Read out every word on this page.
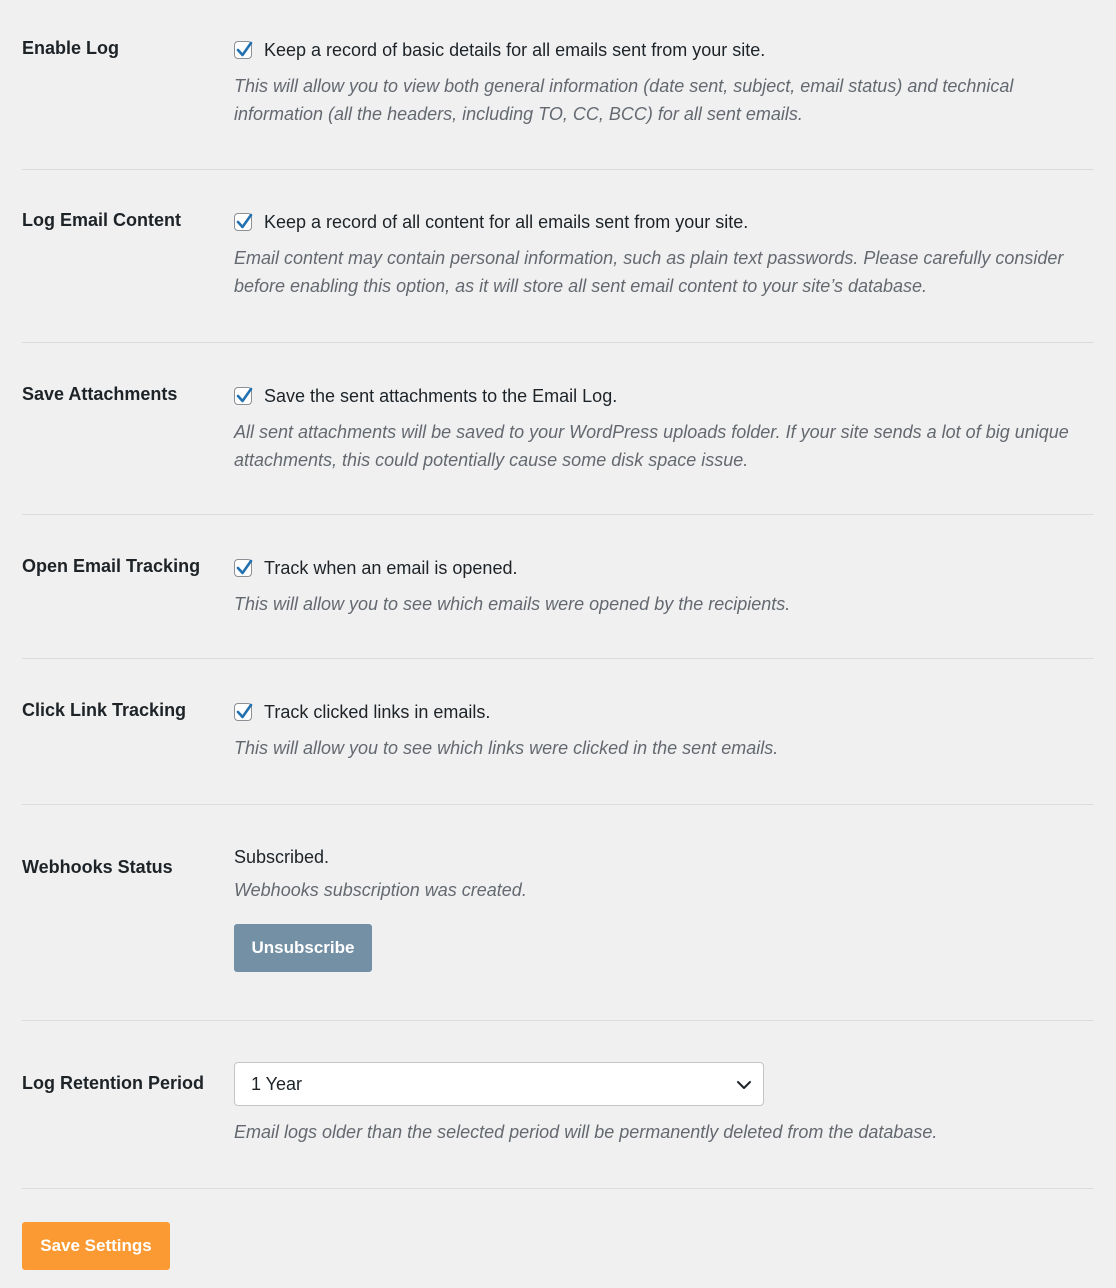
Enable Log	Keep a record of basic details for all emails sent from your site.
This will allow you to view both general information (date sent, subject, email status) and technical information (all the headers, including TO, CC, BCC) for all sent emails.
Log Email Content	Keep a record of all content for all emails sent from your site.
Email content may contain personal information, such as plain text passwords. Please carefully consider before enabling this option, as it will store all sent email content to your site’s database.
Save Attachments	Save the sent attachments to the Email Log.
All sent attachments will be saved to your WordPress uploads folder. If your site sends a lot of big unique attachments, this could potentially cause some disk space issue.
Open Email Tracking	Track when an email is opened.
This will allow you to see which emails were opened by the recipients.
Click Link Tracking	Track clicked links in emails.
This will allow you to see which links were clicked in the sent emails.
Webhooks Status	Subscribed.
Webhooks subscription was created.
Unsubscribe
Log Retention Period	1 Year
Email logs older than the selected period will be permanently deleted from the database.
Save Settings
